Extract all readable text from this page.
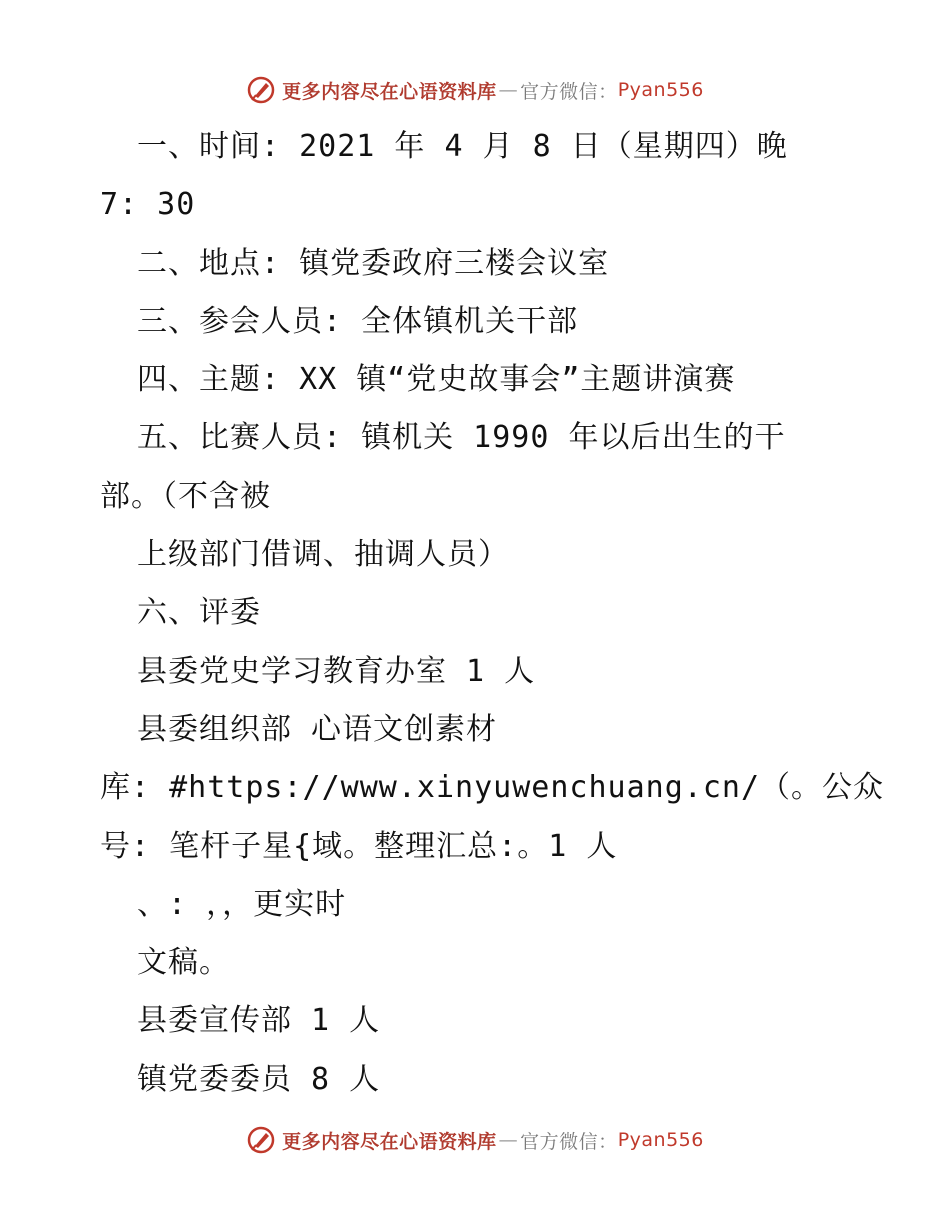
更多内容尽在心语资料库 — 官方微信： Pyan556
一、时间: 2021 年 4 月 8 日（星期四）晚
7: 30
二、地点: 镇党委政府三楼会议室
三、参会人员: 全体镇机关干部
四、主题: XX 镇“党史故事会”主题讲演赛
五、比赛人员: 镇机关 1990 年以后出生的干
部。（不含被
上级部门借调、抽调人员）
六、评委
县委党史学习教育办室 1 人
县委组织部 心语文创素材
库: #https://www.xinyuwenchuang.cn/（。公众
号: 笔杆子星{域。整理汇总:。1 人
、: ，，更实时
文稿。
县委宣传部 1 人
镇党委委员 8 人
更多内容尽在心语资料库 — 官方微信： Pyan556
